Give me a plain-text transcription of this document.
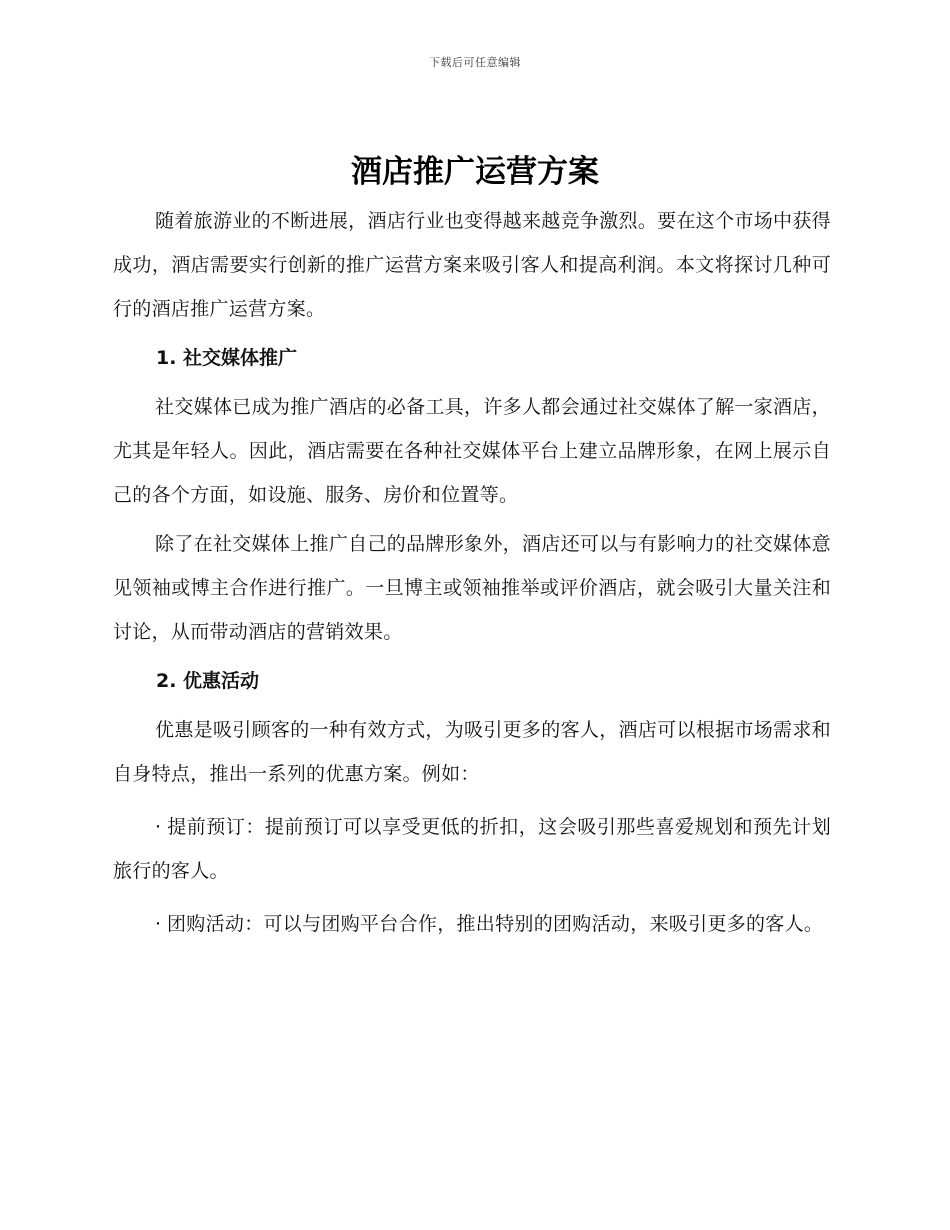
下载后可任意编辑
酒店推广运营方案

随着旅游业的不断进展，酒店行业也变得越来越竞争激烈。要在这个市场中获得成功，酒店需要实行创新的推广运营方案来吸引客人和提高利润。本文将探讨几种可行的酒店推广运营方案。

1. 社交媒体推广

社交媒体已成为推广酒店的必备工具，许多人都会通过社交媒体了解一家酒店，尤其是年轻人。因此，酒店需要在各种社交媒体平台上建立品牌形象，在网上展示自己的各个方面，如设施、服务、房价和位置等。

除了在社交媒体上推广自己的品牌形象外，酒店还可以与有影响力的社交媒体意见领袖或博主合作进行推广。一旦博主或领袖推举或评价酒店，就会吸引大量关注和讨论，从而带动酒店的营销效果。

2. 优惠活动

优惠是吸引顾客的一种有效方式，为吸引更多的客人，酒店可以根据市场需求和自身特点，推出一系列的优惠方案。例如：

· 提前预订：提前预订可以享受更低的折扣，这会吸引那些喜爱规划和预先计划旅行的客人。

· 团购活动：可以与团购平台合作，推出特别的团购活动，来吸引更多的客人。
